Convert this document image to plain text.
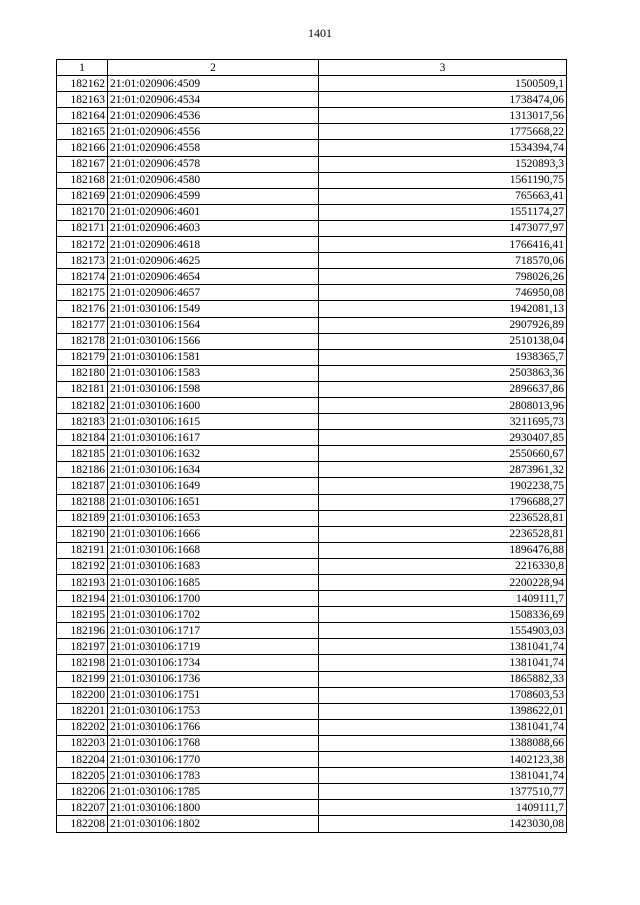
1401
1	2	3
182162	21:01:020906:4509	1500509,1
182163	21:01:020906:4534	1738474,06
182164	21:01:020906:4536	1313017,56
182165	21:01:020906:4556	1775668,22
182166	21:01:020906:4558	1534394,74
182167	21:01:020906:4578	1520893,3
182168	21:01:020906:4580	1561190,75
182169	21:01:020906:4599	765663,41
182170	21:01:020906:4601	1551174,27
182171	21:01:020906:4603	1473077,97
182172	21:01:020906:4618	1766416,41
182173	21:01:020906:4625	718570,06
182174	21:01:020906:4654	798026,26
182175	21:01:020906:4657	746950,08
182176	21:01:030106:1549	1942081,13
182177	21:01:030106:1564	2907926,89
182178	21:01:030106:1566	2510138,04
182179	21:01:030106:1581	1938365,7
182180	21:01:030106:1583	2503863,36
182181	21:01:030106:1598	2896637,86
182182	21:01:030106:1600	2808013,96
182183	21:01:030106:1615	3211695,73
182184	21:01:030106:1617	2930407,85
182185	21:01:030106:1632	2550660,67
182186	21:01:030106:1634	2873961,32
182187	21:01:030106:1649	1902238,75
182188	21:01:030106:1651	1796688,27
182189	21:01:030106:1653	2236528,81
182190	21:01:030106:1666	2236528,81
182191	21:01:030106:1668	1896476,88
182192	21:01:030106:1683	2216330,8
182193	21:01:030106:1685	2200228,94
182194	21:01:030106:1700	1409111,7
182195	21:01:030106:1702	1508336,69
182196	21:01:030106:1717	1554903,03
182197	21:01:030106:1719	1381041,74
182198	21:01:030106:1734	1381041,74
182199	21:01:030106:1736	1865882,33
182200	21:01:030106:1751	1708603,53
182201	21:01:030106:1753	1398622,01
182202	21:01:030106:1766	1381041,74
182203	21:01:030106:1768	1388088,66
182204	21:01:030106:1770	1402123,38
182205	21:01:030106:1783	1381041,74
182206	21:01:030106:1785	1377510,77
182207	21:01:030106:1800	1409111,7
182208	21:01:030106:1802	1423030,08
